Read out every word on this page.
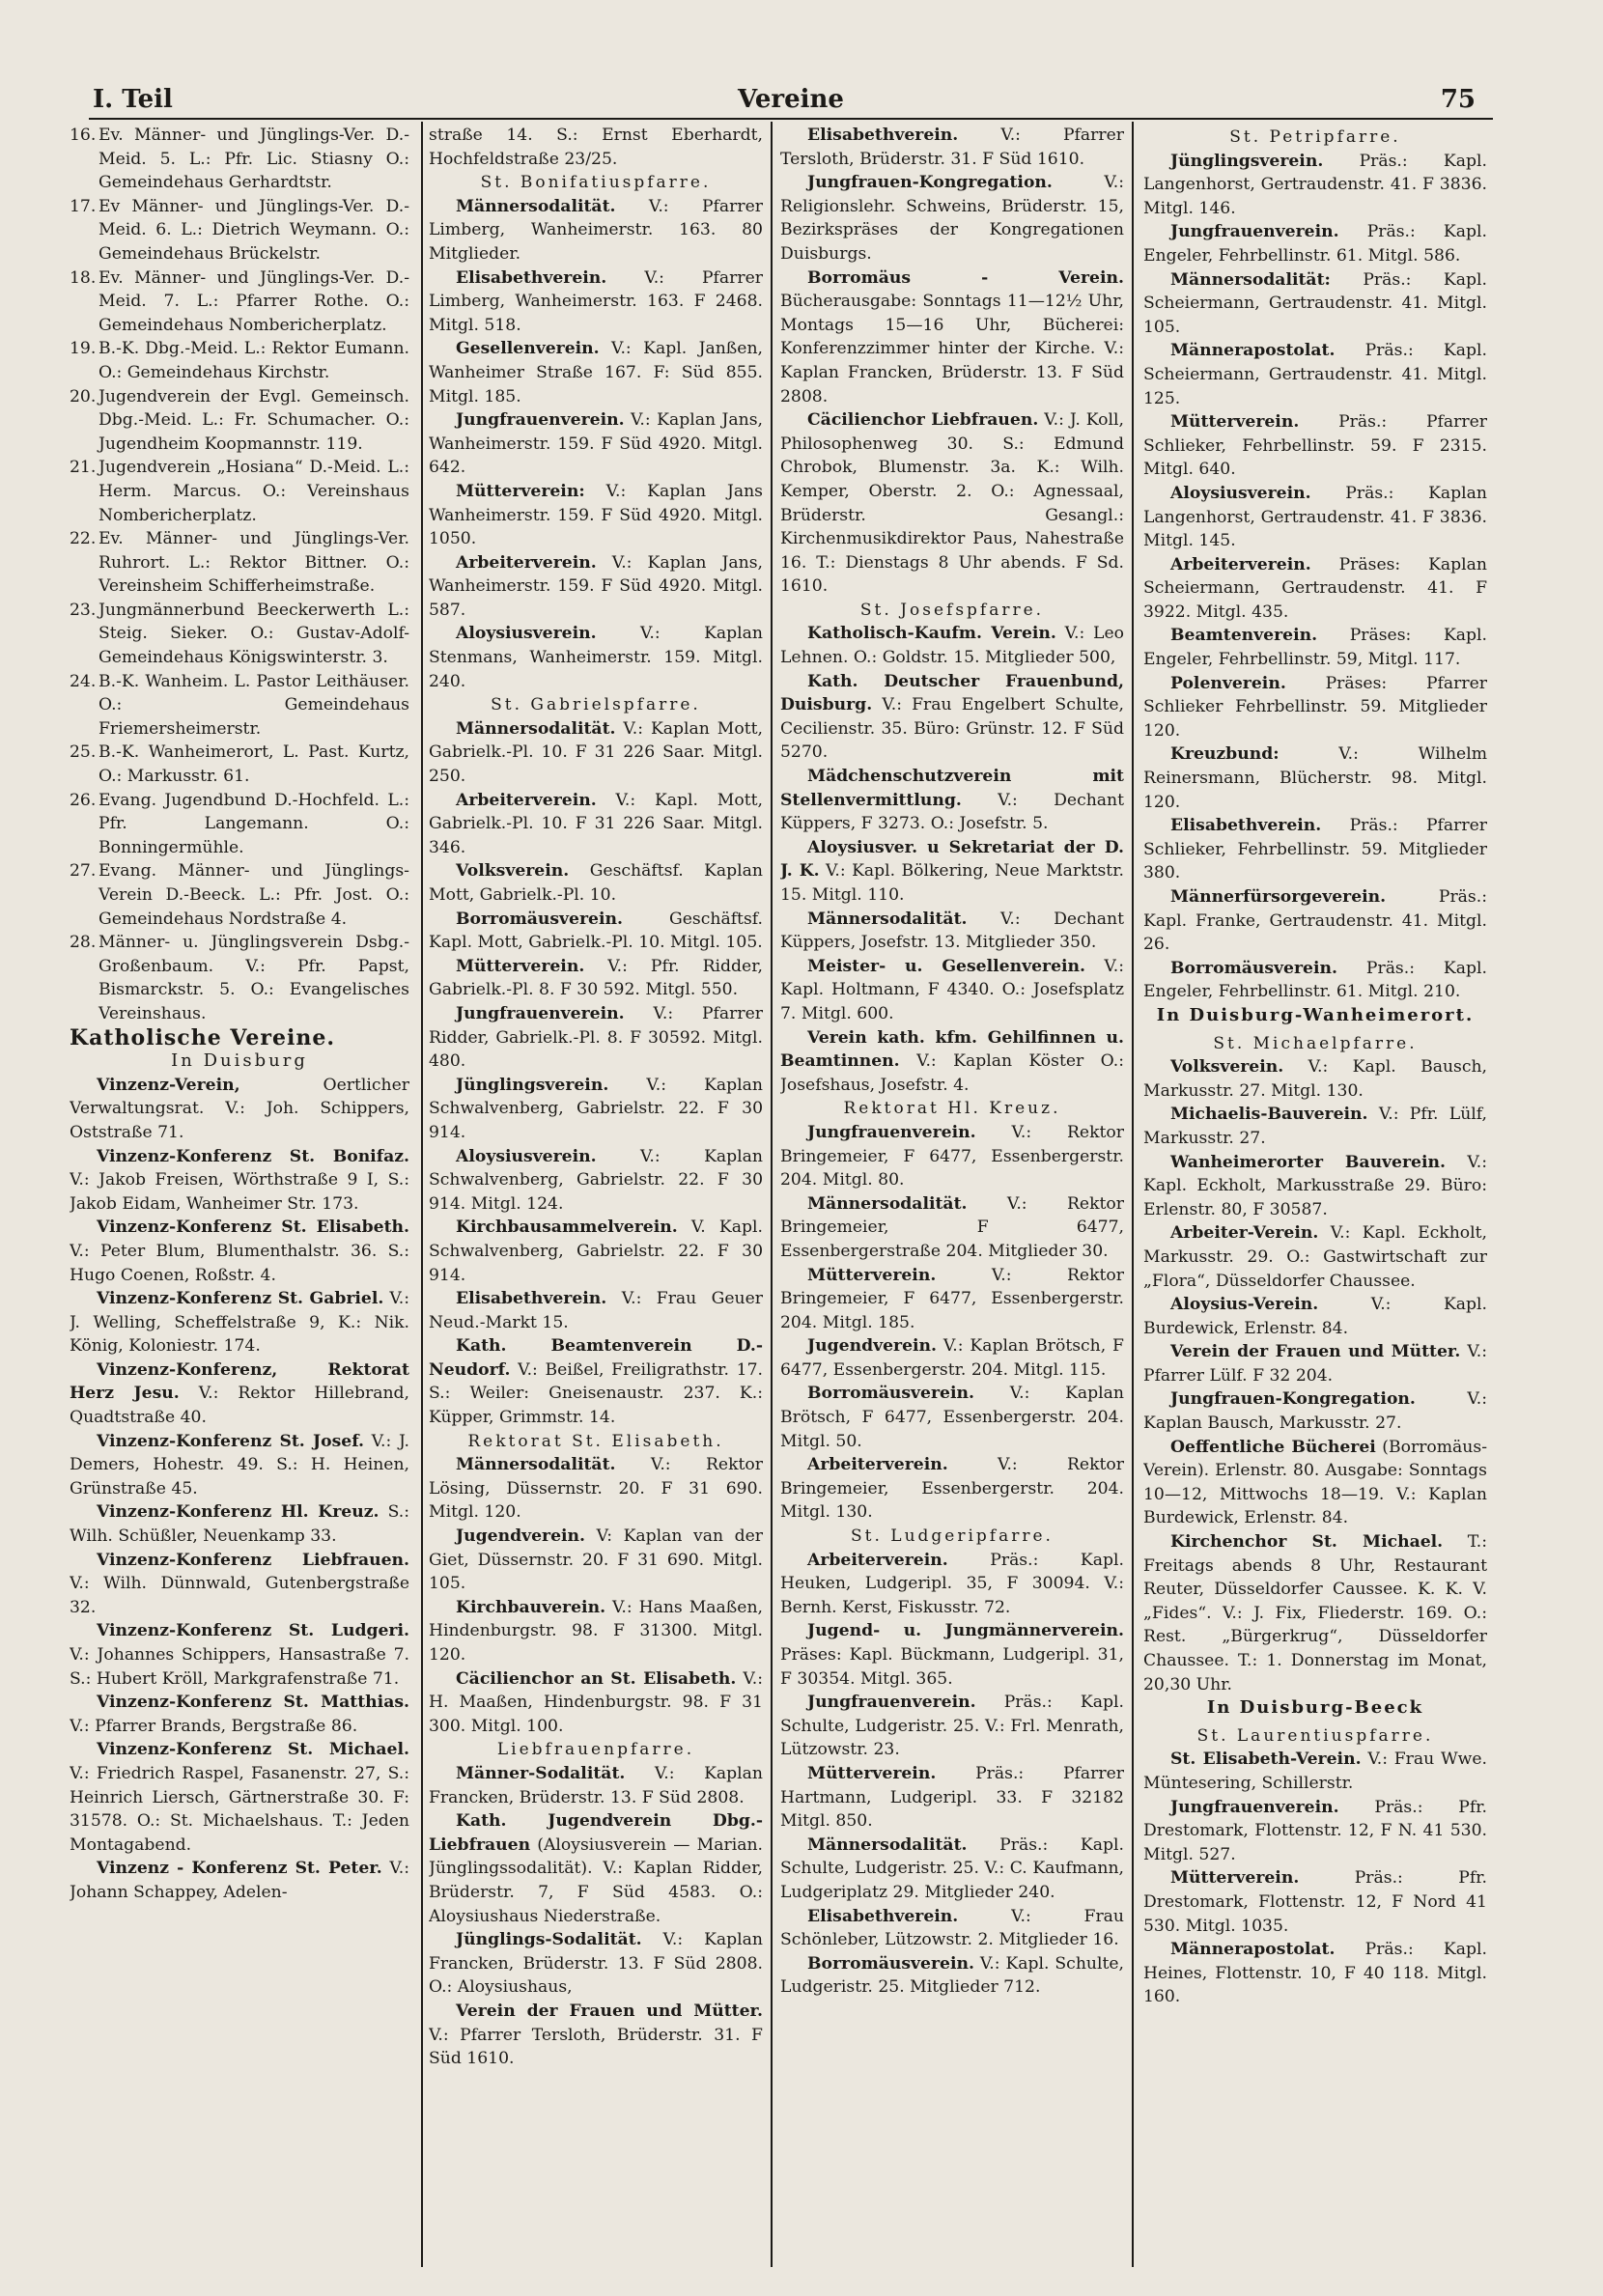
I. Teil	Vereine	75

16. Ev. Männer- und Jünglings-Ver. D.-Meid. 5. L.: Pfr. Lic. Stiasny O.: Gemeindehaus Gerhardtstr.

17. Ev Männer- und Jünglings-Ver. D.-Meid. 6. L.: Dietrich Weymann. O.: Gemeindehaus Brückelstr.

18. Ev. Männer- und Jünglings-Ver. D.-Meid. 7. L.: Pfarrer Rothe. O.: Gemeindehaus Nombericherplatz.

19. B.-K. Dbg.-Meid. L.: Rektor Eumann. O.: Gemeindehaus Kirchstr.

20. Jugendverein der Evgl. Gemeinsch. Dbg.-Meid. L.: Fr. Schumacher. O.: Jugendheim Koopmannstr. 119.

21. Jugendverein „Hosiana“ D.-Meid. L.: Herm. Marcus. O.: Vereinshaus Nombericherplatz.

22. Ev. Männer- und Jünglings-Ver. Ruhrort. L.: Rektor Bittner. O.: Vereinsheim Schifferheimstraße.

23. Jungmännerbund Beeckerwerth L.: Steig. Sieker. O.: Gustav-Adolf-Gemeindehaus Königswinterstr. 3.

24. B.-K. Wanheim. L. Pastor Leithäuser. O.: Gemeindehaus Friemersheimerstr.

25. B.-K. Wanheimerort, L. Past. Kurtz, O.: Markusstr. 61.

26. Evang. Jugendbund D.-Hochfeld. L.: Pfr. Langemann. O.: Bonningermühle.

27. Evang. Männer- und Jünglings-Verein D.-Beeck. L.: Pfr. Jost. O.: Gemeindehaus Nordstraße 4.

28. Männer- u. Jünglingsverein Dsbg.-Großenbaum. V.: Pfr. Papst, Bismarckstr. 5. O.: Evangelisches Vereinshaus.

Katholische Vereine.

In Duisburg

Vinzenz-Verein, Oertlicher Verwaltungsrat. V.: Joh. Schippers, Oststraße 71.

Vinzenz-Konferenz St. Bonifaz. V.: Jakob Freisen, Wörthstraße 9 I, S.: Jakob Eidam, Wanheimer Str. 173.

Vinzenz-Konferenz St. Elisabeth. V.: Peter Blum, Blumenthalstr. 36. S.: Hugo Coenen, Roßstr. 4.

Vinzenz-Konferenz St. Gabriel. V.: J. Welling, Scheffelstraße 9, K.: Nik. König, Koloniestr. 174.

Vinzenz-Konferenz, Rektorat Herz Jesu. V.: Rektor Hillebrand, Quadtstraße 40.

Vinzenz-Konferenz St. Josef. V.: J. Demers, Hohestr. 49. S.: H. Heinen, Grünstraße 45.

Vinzenz-Konferenz Hl. Kreuz. S.: Wilh. Schüßler, Neuenkamp 33.

Vinzenz-Konferenz Liebfrauen. V.: Wilh. Dünnwald, Gutenbergstraße 32.

Vinzenz-Konferenz St. Ludgeri. V.: Johannes Schippers, Hansastraße 7. S.: Hubert Kröll, Markgrafenstraße 71.

Vinzenz-Konferenz St. Matthias. V.: Pfarrer Brands, Bergstraße 86.

Vinzenz-Konferenz St. Michael. V.: Friedrich Raspel, Fasanenstr. 27, S.: Heinrich Liersch, Gärtnerstraße 30. F: 31578. O.: St. Michaelshaus. T.: Jeden Montagabend.

Vinzenz - Konferenz St. Peter. V.: Johann Schappey, Adelen-

straße 14. S.: Ernst Eberhardt, Hochfeldstraße 23/25.

St. Bonifatiuspfarre.

Männersodalität. V.: Pfarrer Limberg, Wanheimerstr. 163. 80 Mitglieder.

Elisabethverein. V.: Pfarrer Limberg, Wanheimerstr. 163. F 2468. Mitgl. 518.

Gesellenverein. V.: Kapl. Janßen, Wanheimer Straße 167. F: Süd 855. Mitgl. 185.

Jungfrauenverein. V.: Kaplan Jans, Wanheimerstr. 159. F Süd 4920. Mitgl. 642.

Mütterverein: V.: Kaplan Jans Wanheimerstr. 159. F Süd 4920. Mitgl. 1050.

Arbeiterverein. V.: Kaplan Jans, Wanheimerstr. 159. F Süd 4920. Mitgl. 587.

Aloysiusverein. V.: Kaplan Stenmans, Wanheimerstr. 159. Mitgl. 240.

St. Gabrielspfarre.

Männersodalität. V.: Kaplan Mott, Gabrielk.-Pl. 10. F 31 226 Saar. Mitgl. 250.

Arbeiterverein. V.: Kapl. Mott, Gabrielk.-Pl. 10. F 31 226 Saar. Mitgl. 346.

Volksverein. Geschäftsf. Kaplan Mott, Gabrielk.-Pl. 10.

Borromäusverein. Geschäftsf. Kapl. Mott, Gabrielk.-Pl. 10. Mitgl. 105.

Mütterverein. V.: Pfr. Ridder, Gabrielk.-Pl. 8. F 30 592. Mitgl. 550.

Jungfrauenverein. V.: Pfarrer Ridder, Gabrielk.-Pl. 8. F 30592. Mitgl. 480.

Jünglingsverein. V.: Kaplan Schwalvenberg, Gabrielstr. 22. F 30 914.

Aloysiusverein. V.: Kaplan Schwalvenberg, Gabrielstr. 22. F 30 914. Mitgl. 124.

Kirchbausammelverein. V. Kapl. Schwalvenberg, Gabrielstr. 22. F 30 914.

Elisabethverein. V.: Frau Geuer Neud.-Markt 15.

Kath. Beamtenverein D.-Neudorf. V.: Beißel, Freiligrathstr. 17. S.: Weiler: Gneisenaustr. 237. K.: Küpper, Grimmstr. 14.

Rektorat St. Elisabeth.

Männersodalität. V.: Rektor Lösing, Düssernstr. 20. F 31 690. Mitgl. 120.

Jugendverein. V: Kaplan van der Giet, Düssernstr. 20. F 31 690. Mitgl. 105.

Kirchbauverein. V.: Hans Maaßen, Hindenburgstr. 98. F 31300. Mitgl. 120.

Cäcilienchor an St. Elisabeth. V.: H. Maaßen, Hindenburgstr. 98. F 31 300. Mitgl. 100.

Liebfrauenpfarre.

Männer-Sodalität. V.: Kaplan Francken, Brüderstr. 13. F Süd 2808.

Kath. Jugendverein Dbg.-Liebfrauen (Aloysiusverein — Marian. Jünglingssodalität). V.: Kaplan Ridder, Brüderstr. 7, F Süd 4583. O.: Aloysiushaus Niederstraße.

Jünglings-Sodalität. V.: Kaplan Francken, Brüderstr. 13. F Süd 2808. O.: Aloysiushaus,

Verein der Frauen und Mütter. V.: Pfarrer Tersloth, Brüderstr. 31. F Süd 1610.

Elisabethverein. V.: Pfarrer Tersloth, Brüderstr. 31. F Süd 1610.

Jungfrauen-Kongregation. V.: Religionslehr. Schweins, Brüderstr. 15, Bezirkspräses der Kongregationen Duisburgs.

Borromäus - Verein. Bücherausgabe: Sonntags 11—12½ Uhr, Montags 15—16 Uhr, Bücherei: Konferenzzimmer hinter der Kirche. V.: Kaplan Francken, Brüderstr. 13. F Süd 2808.

Cäcilienchor Liebfrauen. V.: J. Koll, Philosophenweg 30. S.: Edmund Chrobok, Blumenstr. 3a. K.: Wilh. Kemper, Oberstr. 2. O.: Agnessaal, Brüderstr. Gesangl.: Kirchenmusikdirektor Paus, Nahestraße 16. T.: Dienstags 8 Uhr abends. F Sd. 1610.

St. Josefspfarre.

Katholisch-Kaufm. Verein. V.: Leo Lehnen. O.: Goldstr. 15. Mitglieder 500,

Kath. Deutscher Frauenbund, Duisburg. V.: Frau Engelbert Schulte, Cecilienstr. 35. Büro: Grünstr. 12. F Süd 5270.

Mädchenschutzverein mit Stellenvermittlung. V.: Dechant Küppers, F 3273. O.: Josefstr. 5.

Aloysiusver. u Sekretariat der D. J. K. V.: Kapl. Bölkering, Neue Marktstr. 15. Mitgl. 110.

Männersodalität. V.: Dechant Küppers, Josefstr. 13. Mitglieder 350.

Meister- u. Gesellenverein. V.: Kapl. Holtmann, F 4340. O.: Josefsplatz 7. Mitgl. 600.

Verein kath. kfm. Gehilfinnen u. Beamtinnen. V.: Kaplan Köster O.: Josefshaus, Josefstr. 4.

Rektorat Hl. Kreuz.

Jungfrauenverein. V.: Rektor Bringemeier, F 6477, Essenbergerstr. 204. Mitgl. 80.

Männersodalität. V.: Rektor Bringemeier, F 6477, Essenbergerstraße 204. Mitglieder 30.

Mütterverein. V.: Rektor Bringemeier, F 6477, Essenbergerstr. 204. Mitgl. 185.

Jugendverein. V.: Kaplan Brötsch, F 6477, Essenbergerstr. 204. Mitgl. 115.

Borromäusverein. V.: Kaplan Brötsch, F 6477, Essenbergerstr. 204. Mitgl. 50.

Arbeiterverein. V.: Rektor Bringemeier, Essenbergerstr. 204. Mitgl. 130.

St. Ludgeripfarre.

Arbeiterverein. Präs.: Kapl. Heuken, Ludgeripl. 35, F 30094. V.: Bernh. Kerst, Fiskusstr. 72.

Jugend- u. Jungmännerverein. Präses: Kapl. Bückmann, Ludgeripl. 31, F 30354. Mitgl. 365.

Jungfrauenverein. Präs.: Kapl. Schulte, Ludgeristr. 25. V.: Frl. Menrath, Lützowstr. 23.

Mütterverein. Präs.: Pfarrer Hartmann, Ludgeripl. 33. F 32182 Mitgl. 850.

Männersodalität. Präs.: Kapl. Schulte, Ludgeristr. 25. V.: C. Kaufmann, Ludgeriplatz 29. Mitglieder 240.

Elisabethverein. V.: Frau Schönleber, Lützowstr. 2. Mitglieder 16.

Borromäusverein. V.: Kapl. Schulte, Ludgeristr. 25. Mitglieder 712.

St. Petripfarre.

Jünglingsverein. Präs.: Kapl. Langenhorst, Gertraudenstr. 41. F 3836. Mitgl. 146.

Jungfrauenverein. Präs.: Kapl. Engeler, Fehrbellinstr. 61. Mitgl. 586.

Männersodalität: Präs.: Kapl. Scheiermann, Gertraudenstr. 41. Mitgl. 105.

Männerapostolat. Präs.: Kapl. Scheiermann, Gertraudenstr. 41. Mitgl. 125.

Mütterverein. Präs.: Pfarrer Schlieker, Fehrbellinstr. 59. F 2315. Mitgl. 640.

Aloysiusverein. Präs.: Kaplan Langenhorst, Gertraudenstr. 41. F 3836. Mitgl. 145.

Arbeiterverein. Präses: Kaplan Scheiermann, Gertraudenstr. 41. F 3922. Mitgl. 435.

Beamtenverein. Präses: Kapl. Engeler, Fehrbellinstr. 59, Mitgl. 117.

Polenverein. Präses: Pfarrer Schlieker Fehrbellinstr. 59. Mitglieder 120.

Kreuzbund: V.: Wilhelm Reinersmann, Blücherstr. 98. Mitgl. 120.

Elisabethverein. Präs.: Pfarrer Schlieker, Fehrbellinstr. 59. Mitglieder 380.

Männerfürsorgeverein. Präs.: Kapl. Franke, Gertraudenstr. 41. Mitgl. 26.

Borromäusverein. Präs.: Kapl. Engeler, Fehrbellinstr. 61. Mitgl. 210.

In Duisburg-Wanheimerort.

St. Michaelpfarre.

Volksverein. V.: Kapl. Bausch, Markusstr. 27. Mitgl. 130.

Michaelis-Bauverein. V.: Pfr. Lülf, Markusstr. 27.

Wanheimerorter Bauverein. V.: Kapl. Eckholt, Markusstraße 29. Büro: Erlenstr. 80, F 30587.

Arbeiter-Verein. V.: Kapl. Eckholt, Markusstr. 29. O.: Gastwirtschaft zur „Flora“, Düsseldorfer Chaussee.

Aloysius-Verein. V.: Kapl. Burdewick, Erlenstr. 84.

Verein der Frauen und Mütter. V.: Pfarrer Lülf. F 32 204.

Jungfrauen-Kongregation. V.: Kaplan Bausch, Markusstr. 27.

Oeffentliche Bücherei (Borromäus-Verein). Erlenstr. 80. Ausgabe: Sonntags 10—12, Mittwochs 18—19. V.: Kaplan Burdewick, Erlenstr. 84.

Kirchenchor St. Michael. T.: Freitags abends 8 Uhr, Restaurant Reuter, Düsseldorfer Caussee. K. K. V. „Fides“. V.: J. Fix, Fliederstr. 169. O.: Rest. „Bürgerkrug“, Düsseldorfer Chaussee. T.: 1. Donnerstag im Monat, 20,30 Uhr.

In Duisburg-Beeck

St. Laurentiuspfarre.

St. Elisabeth-Verein. V.: Frau Wwe. Müntesering, Schillerstr.

Jungfrauenverein. Präs.: Pfr. Drestomark, Flottenstr. 12, F N. 41 530. Mitgl. 527.

Mütterverein. Präs.: Pfr. Drestomark, Flottenstr. 12, F Nord 41 530. Mitgl. 1035.

Männerapostolat. Präs.: Kapl. Heines, Flottenstr. 10, F 40 118. Mitgl. 160.
